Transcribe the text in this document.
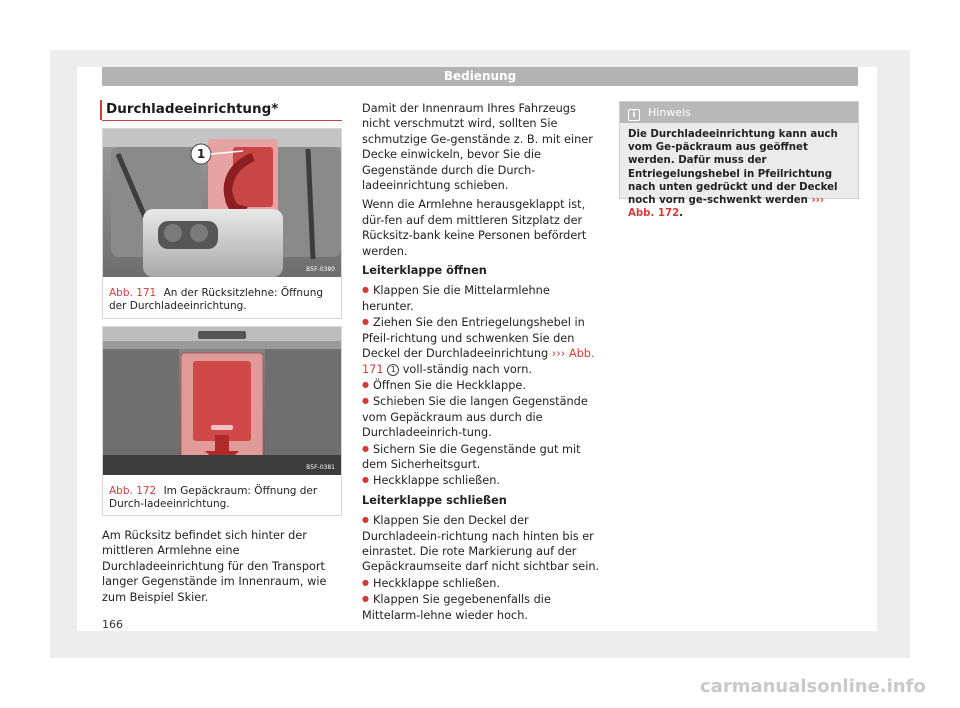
Bedienung
Durchladeeinrichtung*
1
B5F-0380
Abb. 171 An der Rücksitzlehne: Öffnung der Durchladeeinrichtung.
B5F-0381
Abb. 172 Im Gepäckraum: Öffnung der Durch-ladeeinrichtung.
Am Rücksitz befindet sich hinter der mittleren Armlehne eine Durchladeeinrichtung für den Transport langer Gegenstände im Innenraum, wie zum Beispiel Skier.

Damit der Innenraum Ihres Fahrzeugs nicht verschmutzt wird, sollten Sie schmutzige Ge-genstände z. B. mit einer Decke einwickeln, bevor Sie die Gegenstände durch die Durch-ladeeinrichtung schieben.

Wenn die Armlehne herausgeklappt ist, dür-fen auf dem mittleren Sitzplatz der Rücksitz-bank keine Personen befördert werden.

Leiterklappe öffnen

● Klappen Sie die Mittelarmlehne herunter.
● Ziehen Sie den Entriegelungshebel in Pfeil-richtung und schwenken Sie den Deckel der Durchladeeinrichtung ››› Abb. 171 1 voll-ständig nach vorn.
● Öffnen Sie die Heckklappe.
● Schieben Sie die langen Gegenstände vom Gepäckraum aus durch die Durchladeeinrich-tung.
● Sichern Sie die Gegenstände gut mit dem Sicherheitsgurt.
● Heckklappe schließen.

Leiterklappe schließen

● Klappen Sie den Deckel der Durchladeein-richtung nach hinten bis er einrastet. Die rote Markierung auf der Gepäckraumseite darf nicht sichtbar sein.
● Heckklappe schließen.
● Klappen Sie gegebenenfalls die Mittelarm-lehne wieder hoch.
i Hinweis
Die Durchladeeinrichtung kann auch vom Ge-päckraum aus geöffnet werden. Dafür muss der Entriegelungshebel in Pfeilrichtung nach unten gedrückt und der Deckel noch vorn ge-schwenkt werden ››› Abb. 172.
166
carmanualsonline.info
